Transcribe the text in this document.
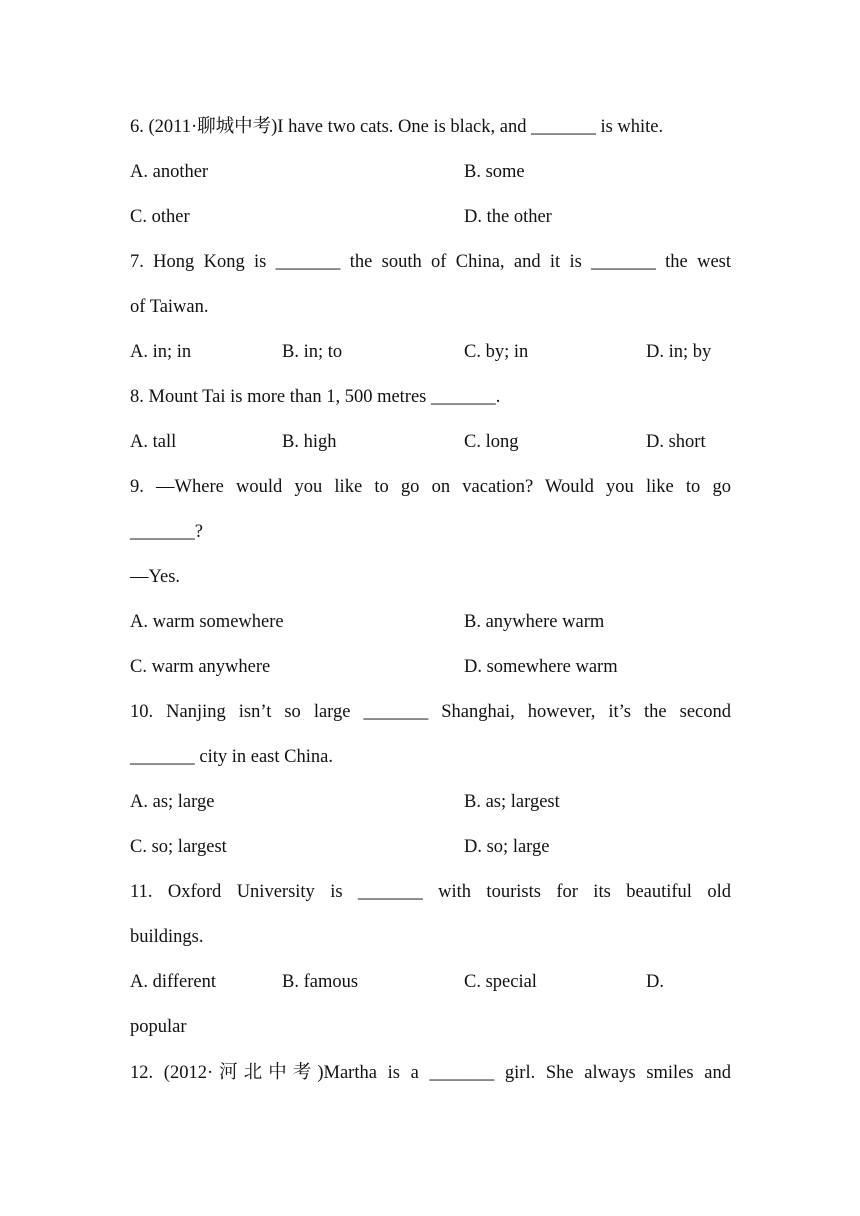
6. (2011·聊城中考)I have two cats. One is black, and _______ is white.
A. another	B. some
C. other	D. the other
7. Hong Kong is _______ the south of China, and it is _______ the west
of Taiwan.
A. in; in	B. in; to	C. by; in	D. in; by
8. Mount Tai is more than 1, 500 metres _______.
A. tall	B. high	C. long	D. short
9. —Where would you like to go on vacation? Would you like to go
_______?
—Yes.
A. warm somewhere	B. anywhere warm
C. warm anywhere	D. somewhere warm
10. Nanjing isn’t so large _______ Shanghai, however, it’s the second
_______ city in east China.
A. as; large	B. as; largest
C. so; largest	D. so; large
11. Oxford University is _______ with tourists for its beautiful old
buildings.
A. different	B. famous	C. special	D.
popular
12. (2012·河北中考)Martha is a _______ girl. She always smiles and
